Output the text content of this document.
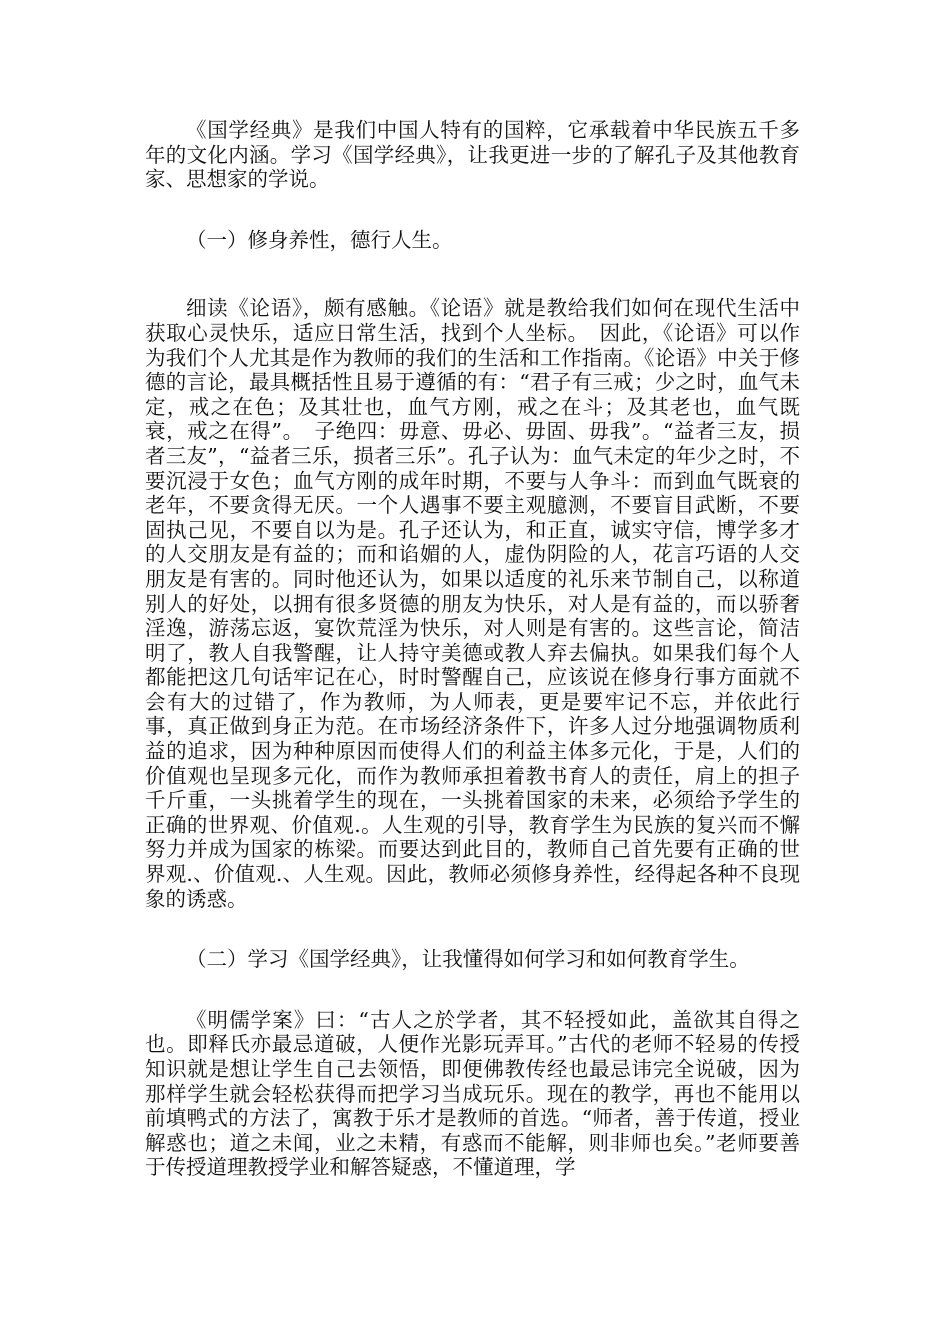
《国学经典》是我们中国人特有的国粹，它承载着中华民族五千多年的文化内涵。学习《国学经典》，让我更进一步的了解孔子及其他教育家、思想家的学说。

（一）修身养性，德行人生。

细读《论语》，颇有感触。《论语》就是教给我们如何在现代生活中获取心灵快乐，适应日常生活，找到个人坐标。　因此，《论语》可以作为我们个人尤其是作为教师的我们的生活和工作指南。《论语》中关于修德的言论，最具概括性且易于遵循的有：“君子有三戒；少之时，血气未定，戒之在色；及其壮也，血气方刚，戒之在斗；及其老也，血气既衰，戒之在得”。　子绝四：毋意、毋必、毋固、毋我”。“益者三友，损者三友”，“益者三乐，损者三乐”。孔子认为：血气未定的年少之时，不要沉浸于女色；血气方刚的成年时期，不要与人争斗：而到血气既衰的老年，不要贪得无厌。一个人遇事不要主观臆测，不要盲目武断，不要固执己见，不要自以为是。孔子还认为，和正直，诚实守信，博学多才的人交朋友是有益的；而和谄媚的人，虚伪阴险的人，花言巧语的人交朋友是有害的。同时他还认为，如果以适度的礼乐来节制自己，以称道别人的好处，以拥有很多贤德的朋友为快乐，对人是有益的，而以骄奢淫逸，游荡忘返，宴饮荒淫为快乐，对人则是有害的。这些言论，简洁明了，教人自我警醒，让人持守美德或教人弃去偏执。如果我们每个人都能把这几句话牢记在心，时时警醒自己，应该说在修身行事方面就不会有大的过错了，作为教师，为人师表，更是要牢记不忘，并依此行事，真正做到身正为范。在市场经济条件下，许多人过分地强调物质利益的追求，因为种种原因而使得人们的利益主体多元化，于是，人们的价值观也呈现多元化，而作为教师承担着教书育人的责任，肩上的担子千斤重，一头挑着学生的现在，一头挑着国家的未来，必须给予学生的正确的世界观、价值观.。人生观的引导，教育学生为民族的复兴而不懈努力并成为国家的栋梁。而要达到此目的，教师自己首先要有正确的世界观.、价值观.、人生观。因此，教师必须修身养性，经得起各种不良现象的诱惑。

（二）学习《国学经典》，让我懂得如何学习和如何教育学生。

《明儒学案》曰：“古人之於学者，其不轻授如此，盖欲其自得之也。即释氏亦最忌道破，人便作光影玩弄耳。”古代的老师不轻易的传授知识就是想让学生自己去领悟，即便佛教传经也最忌讳完全说破，因为那样学生就会轻松获得而把学习当成玩乐。现在的教学，再也不能用以前填鸭式的方法了，寓教于乐才是教师的首选。“师者，善于传道，授业解惑也；道之未闻，业之未精，有惑而不能解，则非师也矣。”老师要善于传授道理教授学业和解答疑惑，不懂道理，学
